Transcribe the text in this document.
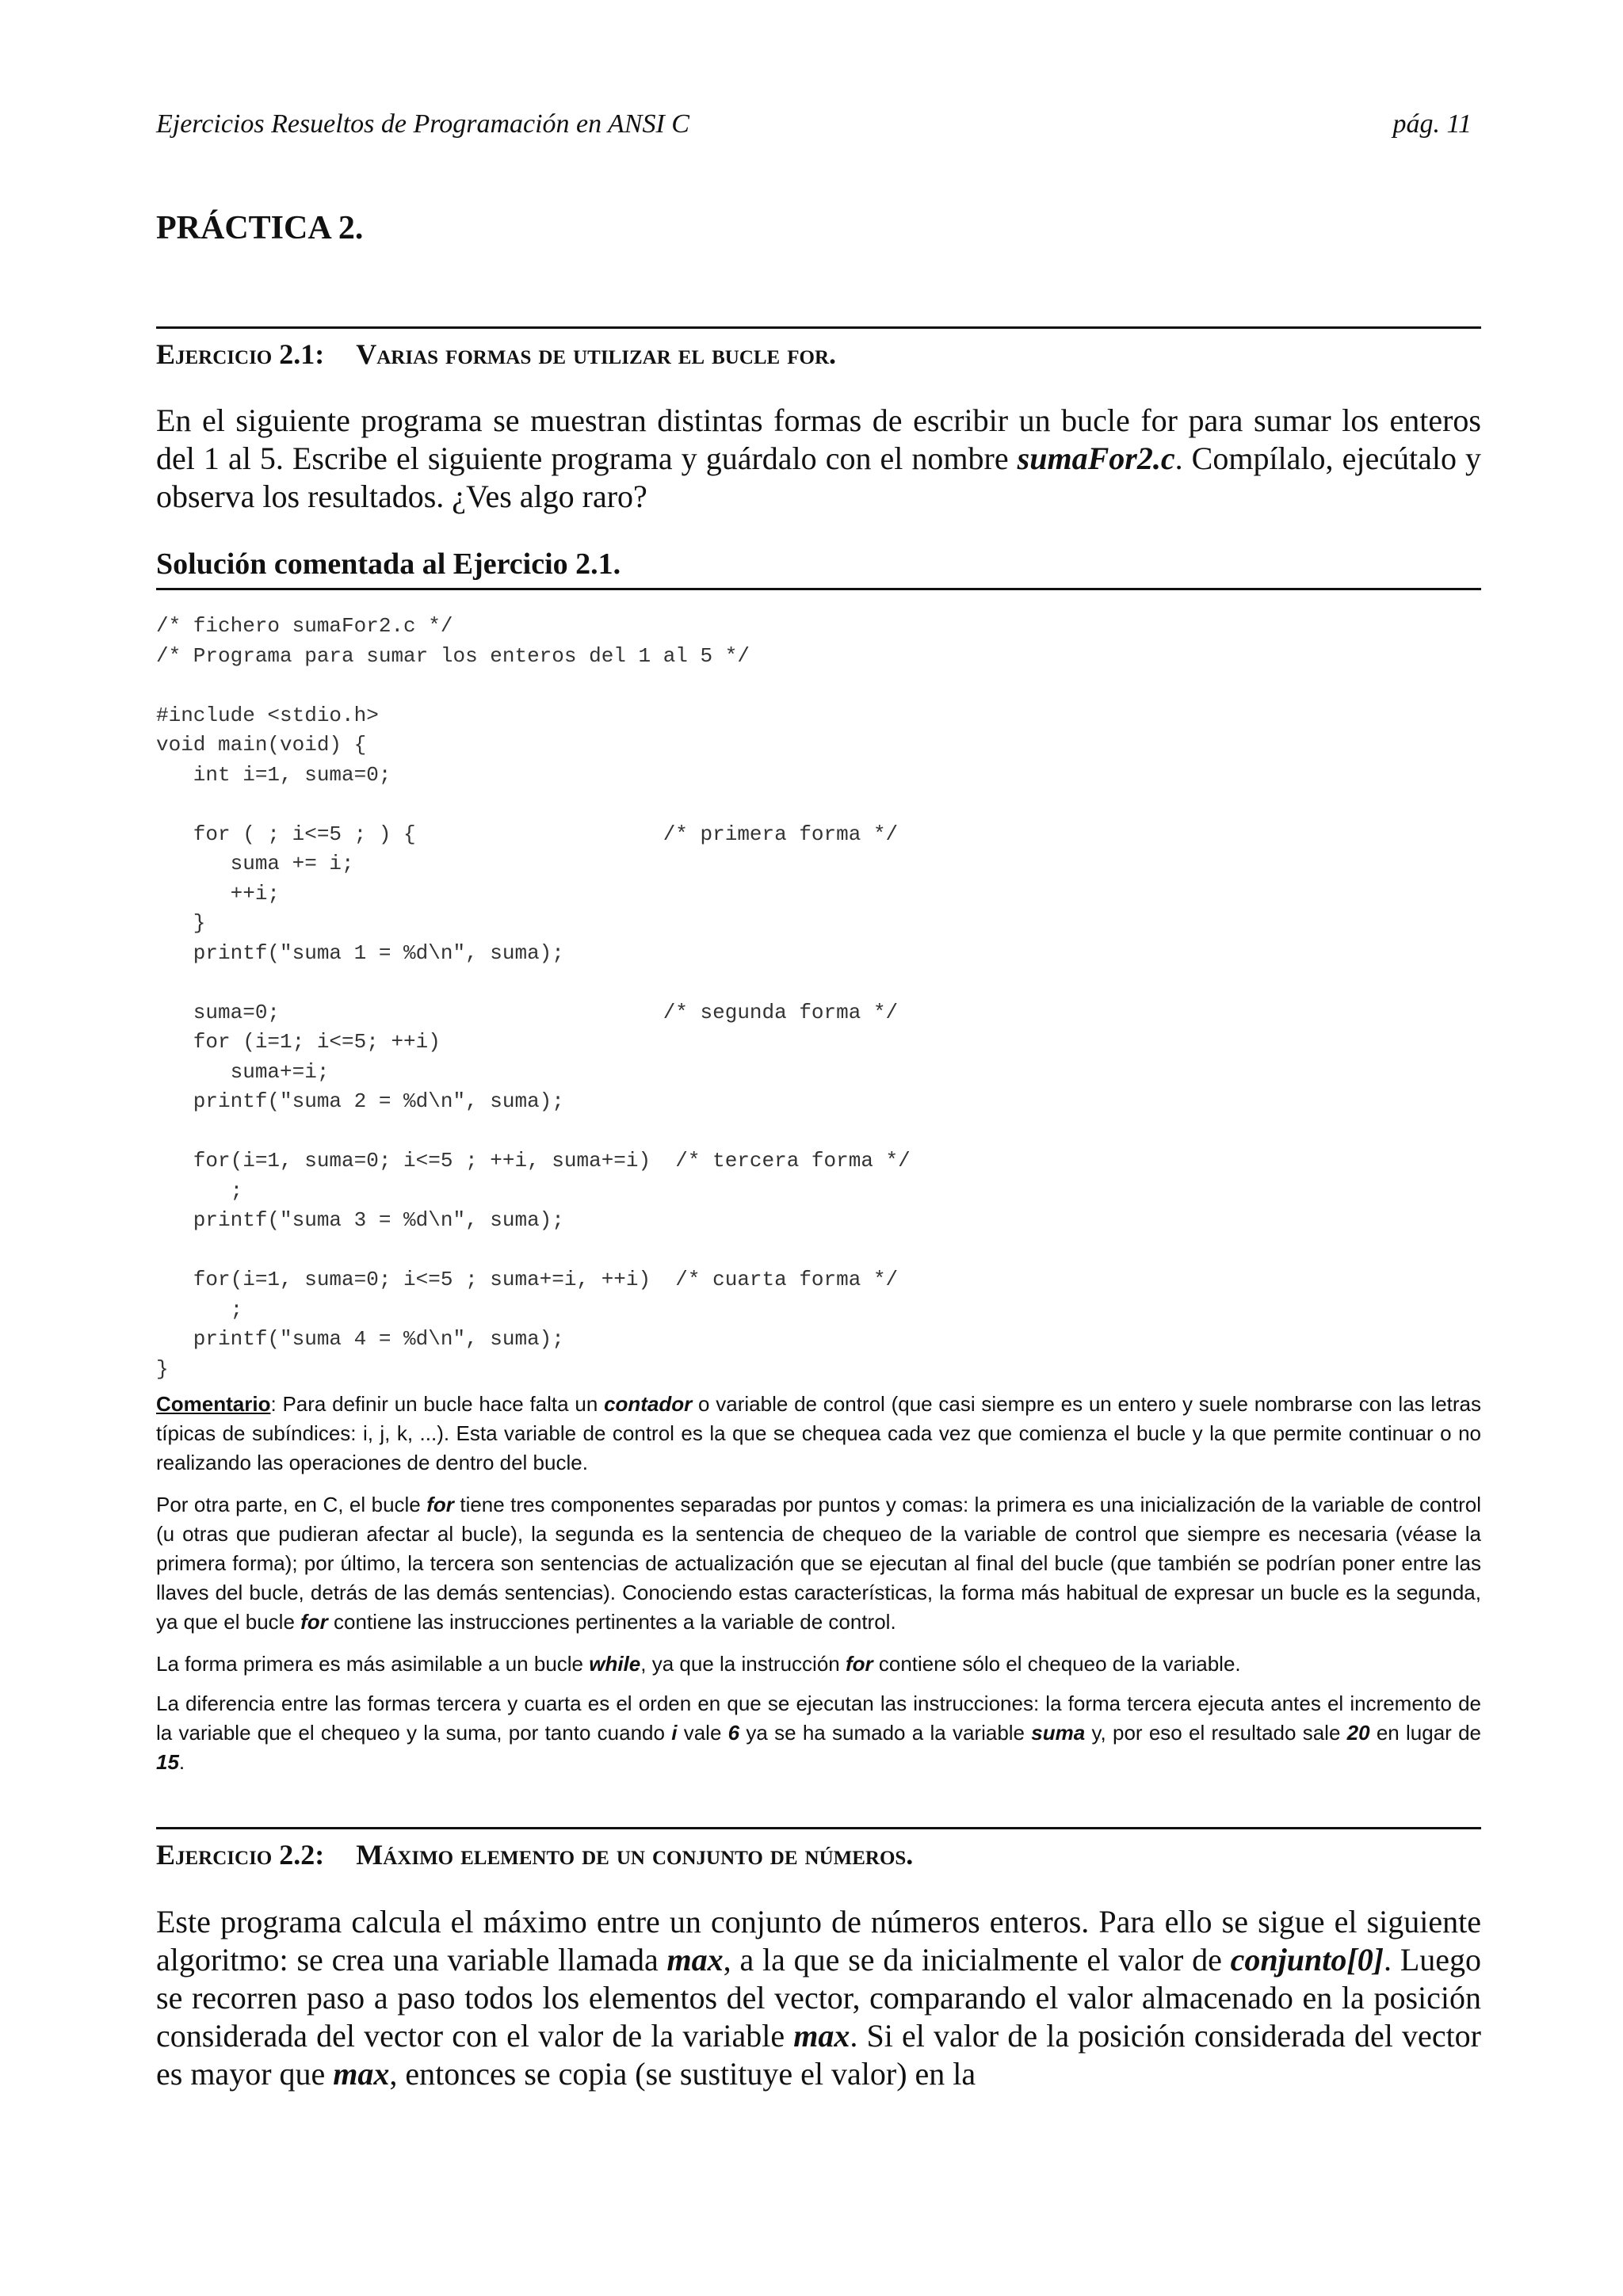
Ejercicios Resueltos de Programación en ANSI C	pág. 11
PRÁCTICA 2.
Ejercicio 2.1: Varias formas de utilizar el bucle for.
En el siguiente programa se muestran distintas formas de escribir un bucle for para sumar los enteros del 1 al 5. Escribe el siguiente programa y guárdalo con el nombre sumaFor2.c. Compílalo, ejecútalo y observa los resultados. ¿Ves algo raro?
Solución comentada al Ejercicio 2.1.
/* fichero sumaFor2.c */
/* Programa para sumar los enteros del 1 al 5 */

#include <stdio.h>
void main(void) {
int i=1, suma=0;

for ( ; i<=5 ; ) {                    /* primera forma */
suma += i;
++i;
}
printf("suma 1 = %d\n", suma);

suma=0;                               /* segunda forma */
for (i=1; i<=5; ++i)
suma+=i;
printf("suma 2 = %d\n", suma);

for(i=1, suma=0; i<=5 ; ++i, suma+=i)  /* tercera forma */
;
printf("suma 3 = %d\n", suma);

for(i=1, suma=0; i<=5 ; suma+=i, ++i)  /* cuarta forma */
;
printf("suma 4 = %d\n", suma);
}

Comentario: Para definir un bucle hace falta un contador o variable de control (que casi siempre es un entero y suele nombrarse con las letras típicas de subíndices: i, j, k, ...). Esta variable de control es la que se chequea cada vez que comienza el bucle y la que permite continuar o no realizando las operaciones de dentro del bucle.

Por otra parte, en C, el bucle for tiene tres componentes separadas por puntos y comas: la primera es una inicialización de la variable de control (u otras que pudieran afectar al bucle), la segunda es la sentencia de chequeo de la variable de control que siempre es necesaria (véase la primera forma); por último, la tercera son sentencias de actualización que se ejecutan al final del bucle (que también se podrían poner entre las llaves del bucle, detrás de las demás sentencias). Conociendo estas características, la forma más habitual de expresar un bucle es la segunda, ya que el bucle for contiene las instrucciones pertinentes a la variable de control.

La forma primera es más asimilable a un bucle while, ya que la instrucción for contiene sólo el chequeo de la variable.

La diferencia entre las formas tercera y cuarta es el orden en que se ejecutan las instrucciones: la forma tercera ejecuta antes el incremento de la variable que el chequeo y la suma, por tanto cuando i vale 6 ya se ha sumado a la variable suma y, por eso el resultado sale 20 en lugar de 15.

Ejercicio 2.2: Máximo elemento de un conjunto de números.
Este programa calcula el máximo entre un conjunto de números enteros. Para ello se sigue el siguiente algoritmo: se crea una variable llamada max, a la que se da inicialmente el valor de conjunto[0]. Luego se recorren paso a paso todos los elementos del vector, comparando el valor almacenado en la posición considerada del vector con el valor de la variable max. Si el valor de la posición considerada del vector es mayor que max, entonces se copia (se sustituye el valor) en la
